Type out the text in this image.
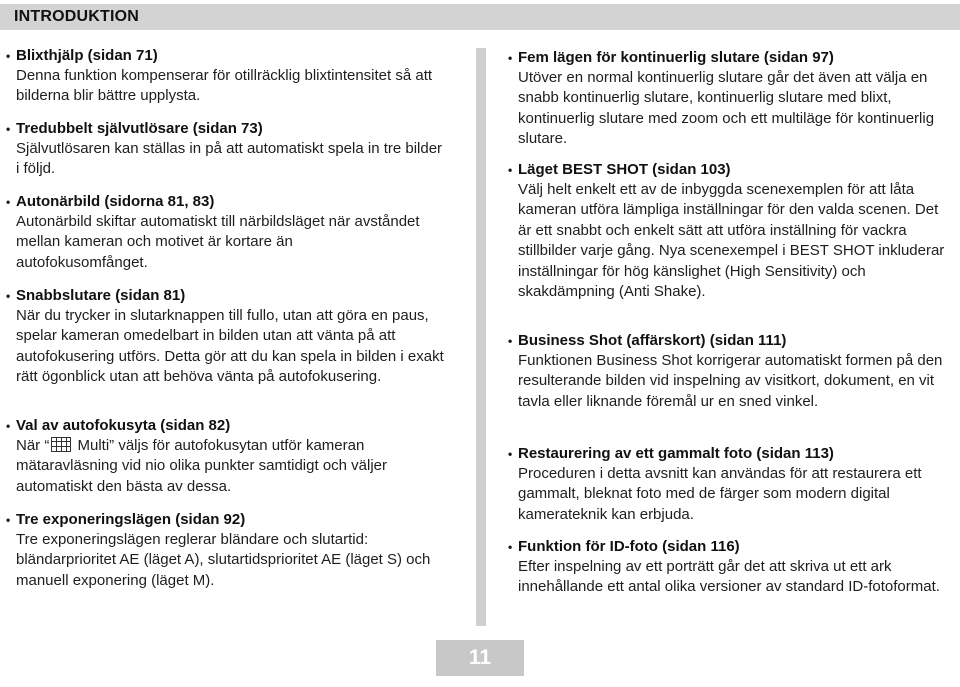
INTRODUKTION
• Blixthjälp (sidan 71)

Denna funktion kompenserar för otillräcklig blixtintensitet så att bilderna blir bättre upplysta.

• Tredubbelt självutlösare (sidan 73)

Självutlösaren kan ställas in på att automatiskt spela in tre bilder i följd.

• Autonärbild (sidorna 81, 83)

Autonärbild skiftar automatiskt till närbildsläget när avståndet mellan kameran och motivet är kortare än autofokusomfånget.

• Snabbslutare (sidan 81)

När du trycker in slutarknappen till fullo, utan att göra en paus, spelar kameran omedelbart in bilden utan att vänta på att autofokusering utförs. Detta gör att du kan spela in bilden i exakt rätt ögonblick utan att behöva vänta på autofokusering.

• Val av autofokusyta (sidan 82)

När “ Multi” väljs för autofokusytan utför kameran mätaravläsning vid nio olika punkter samtidigt och väljer automatiskt den bästa av dessa.

• Tre exponeringslägen (sidan 92)

Tre exponeringslägen reglerar bländare och slutartid: bländarprioritet AE (läget A), slutartidsprioritet AE (läget S) och manuell exponering (läget M).

• Fem lägen för kontinuerlig slutare (sidan 97)

Utöver en normal kontinuerlig slutare går det även att välja en snabb kontinuerlig slutare, kontinuerlig slutare med blixt, kontinuerlig slutare med zoom och ett multiläge för kontinuerlig slutare.

• Läget BEST SHOT (sidan 103)

Välj helt enkelt ett av de inbyggda scenexemplen för att låta kameran utföra lämpliga inställningar för den valda scenen. Det är ett snabbt och enkelt sätt att utföra inställning för vackra stillbilder varje gång. Nya scenexempel i BEST SHOT inkluderar inställningar för hög känslighet (High Sensitivity) och skakdämpning (Anti Shake).

• Business Shot (affärskort) (sidan 111)

Funktionen Business Shot korrigerar automatiskt formen på den resulterande bilden vid inspelning av visitkort, dokument, en vit tavla eller liknande föremål ur en sned vinkel.

• Restaurering av ett gammalt foto (sidan 113)

Proceduren i detta avsnitt kan användas för att restaurera ett gammalt, bleknat foto med de färger som modern digital kamerateknik kan erbjuda.

• Funktion för ID-foto (sidan 116)

Efter inspelning av ett porträtt går det att skriva ut ett ark innehållande ett antal olika versioner av standard ID-fotoformat.

11
